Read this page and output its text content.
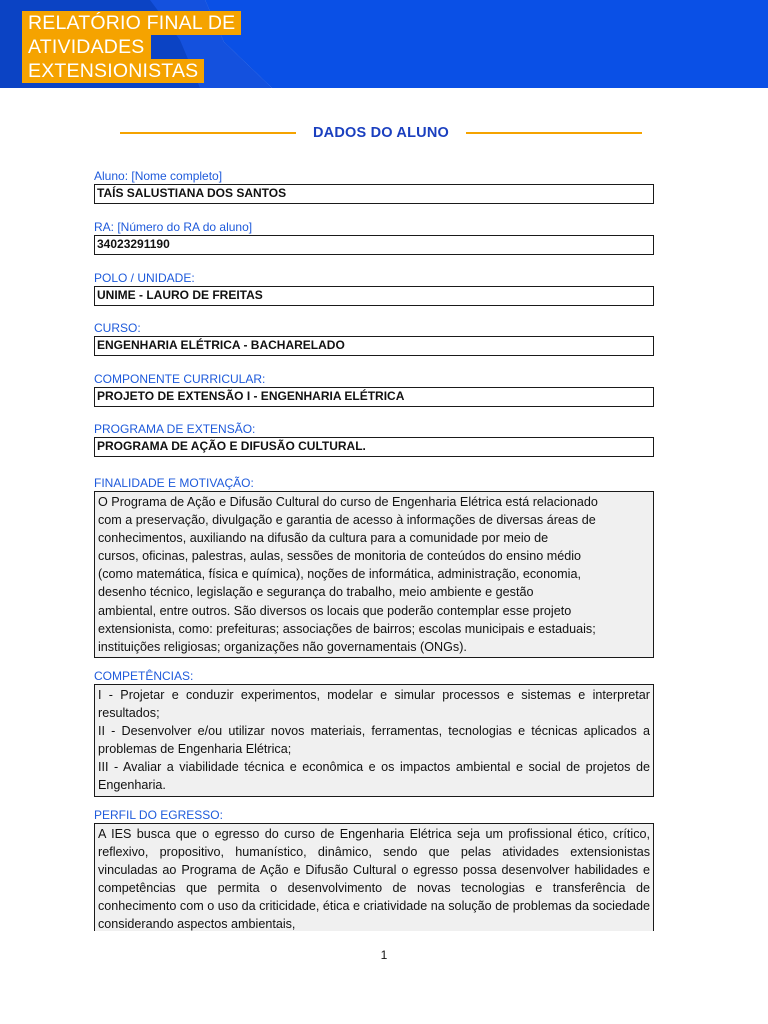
RELATÓRIO FINAL DE
ATIVIDADES
EXTENSIONISTAS
DADOS DO ALUNO
Aluno: [Nome completo]
TAÍS SALUSTIANA DOS SANTOS
RA: [Número do RA do aluno]
34023291190
POLO / UNIDADE:
UNIME - LAURO DE FREITAS
CURSO:
ENGENHARIA ELÉTRICA - BACHARELADO
COMPONENTE CURRICULAR:
PROJETO DE EXTENSÃO I - ENGENHARIA ELÉTRICA
PROGRAMA DE EXTENSÃO:
PROGRAMA DE AÇÃO E DIFUSÃO CULTURAL.
FINALIDADE E MOTIVAÇÃO:
O Programa de Ação e Difusão Cultural do curso de Engenharia Elétrica está relacionado
com a preservação, divulgação e garantia de acesso à informações de diversas áreas de
conhecimentos, auxiliando na difusão da cultura para a comunidade por meio de
cursos, oficinas, palestras, aulas, sessões de monitoria de conteúdos do ensino médio
(como matemática, física e química), noções de informática, administração, economia,
desenho técnico, legislação e segurança do trabalho, meio ambiente e gestão
ambiental, entre outros. São diversos os locais que poderão contemplar esse projeto
extensionista, como: prefeituras; associações de bairros; escolas municipais e estaduais;
instituições religiosas; organizações não governamentais (ONGs).
COMPETÊNCIAS:
I - Projetar e conduzir experimentos, modelar e simular processos e sistemas e interpretar resultados;
II - Desenvolver e/ou utilizar novos materiais, ferramentas, tecnologias e técnicas aplicados a problemas de Engenharia Elétrica;
III - Avaliar a viabilidade técnica e econômica e os impactos ambiental e social de projetos de Engenharia.
PERFIL DO EGRESSO:
A IES busca que o egresso do curso de Engenharia Elétrica seja um profissional ético, crítico, reflexivo, propositivo, humanístico, dinâmico, sendo que pelas atividades extensionistas vinculadas ao Programa de Ação e Difusão Cultural o egresso possa desenvolver habilidades e competências que permita o desenvolvimento de novas tecnologias e transferência de conhecimento com o uso da criticidade, ética e criatividade na solução de problemas da sociedade considerando aspectos ambientais,
1
